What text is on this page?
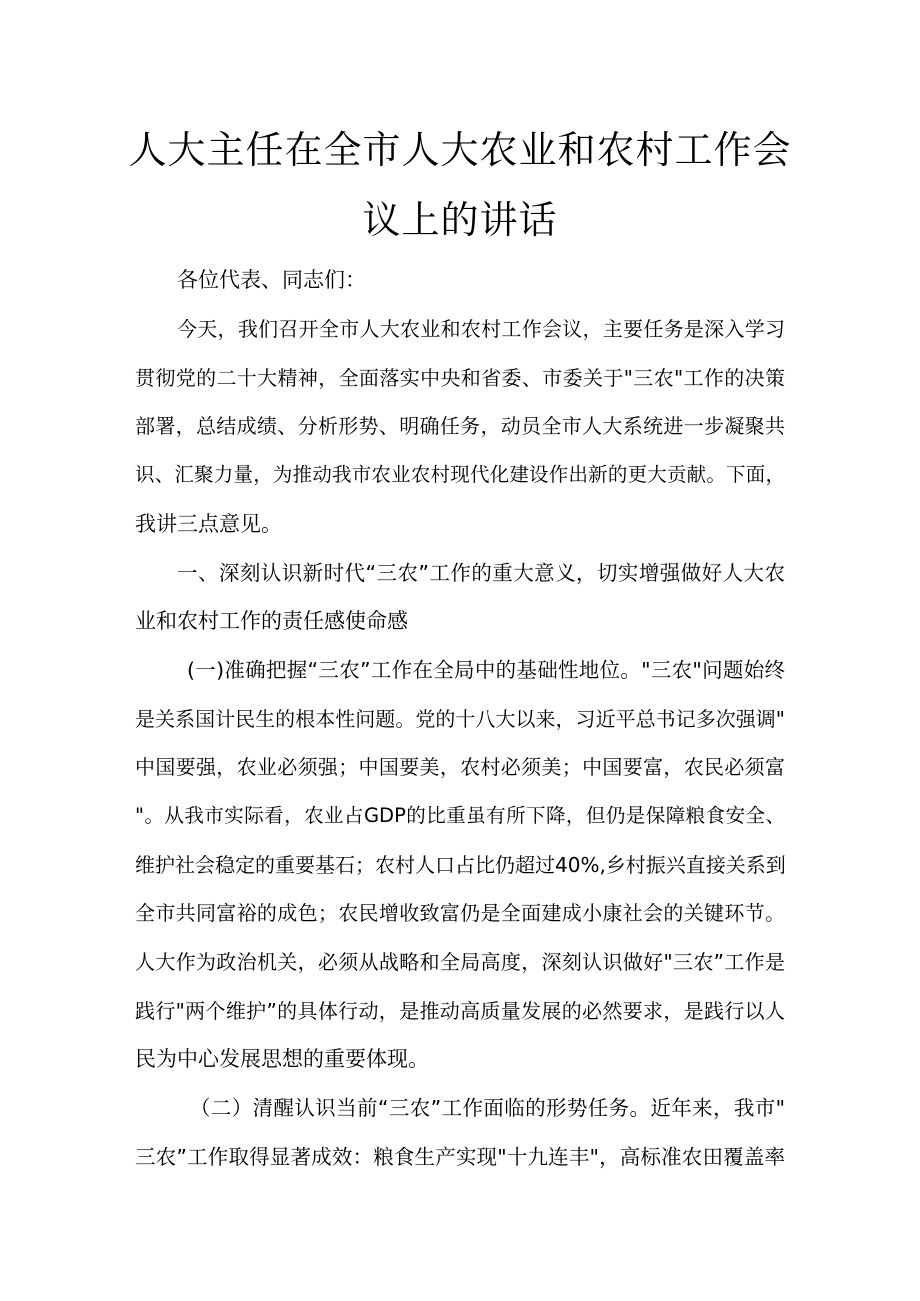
人大主任在全市人大农业和农村工作会
议上的讲话
各位代表、同志们：
今天，我们召开全市人大农业和农村工作会议，主要任务是深入学习
贯彻党的二十大精神，全面落实中央和省委、市委关于"三农"工作的决策
部署，总结成绩、分析形势、明确任务，动员全市人大系统进一步凝聚共
识、汇聚力量，为推动我市农业农村现代化建设作出新的更大贡献。下面，
我讲三点意见。
一、深刻认识新时代“三农”工作的重大意义，切实增强做好人大农
业和农村工作的责任感使命感
(一)准确把握“三农”工作在全局中的基础性地位。"三农"问题始终
是关系国计民生的根本性问题。党的十八大以来，习近平总书记多次强调"
中国要强，农业必须强；中国要美，农村必须美；中国要富，农民必须富
"。从我市实际看，农业占GDP的比重虽有所下降，但仍是保障粮食安全、
维护社会稳定的重要基石；农村人口占比仍超过40%,乡村振兴直接关系到
全市共同富裕的成色；农民增收致富仍是全面建成小康社会的关键环节。
人大作为政治机关，必须从战略和全局高度，深刻认识做好"三农”工作是
践行"两个维护”的具体行动，是推动高质量发展的必然要求，是践行以人
民为中心发展思想的重要体现。
（二）清醒认识当前“三农”工作面临的形势任务。近年来，我市"
三农”工作取得显著成效：粮食生产实现"十九连丰"，高标准农田覆盖率
